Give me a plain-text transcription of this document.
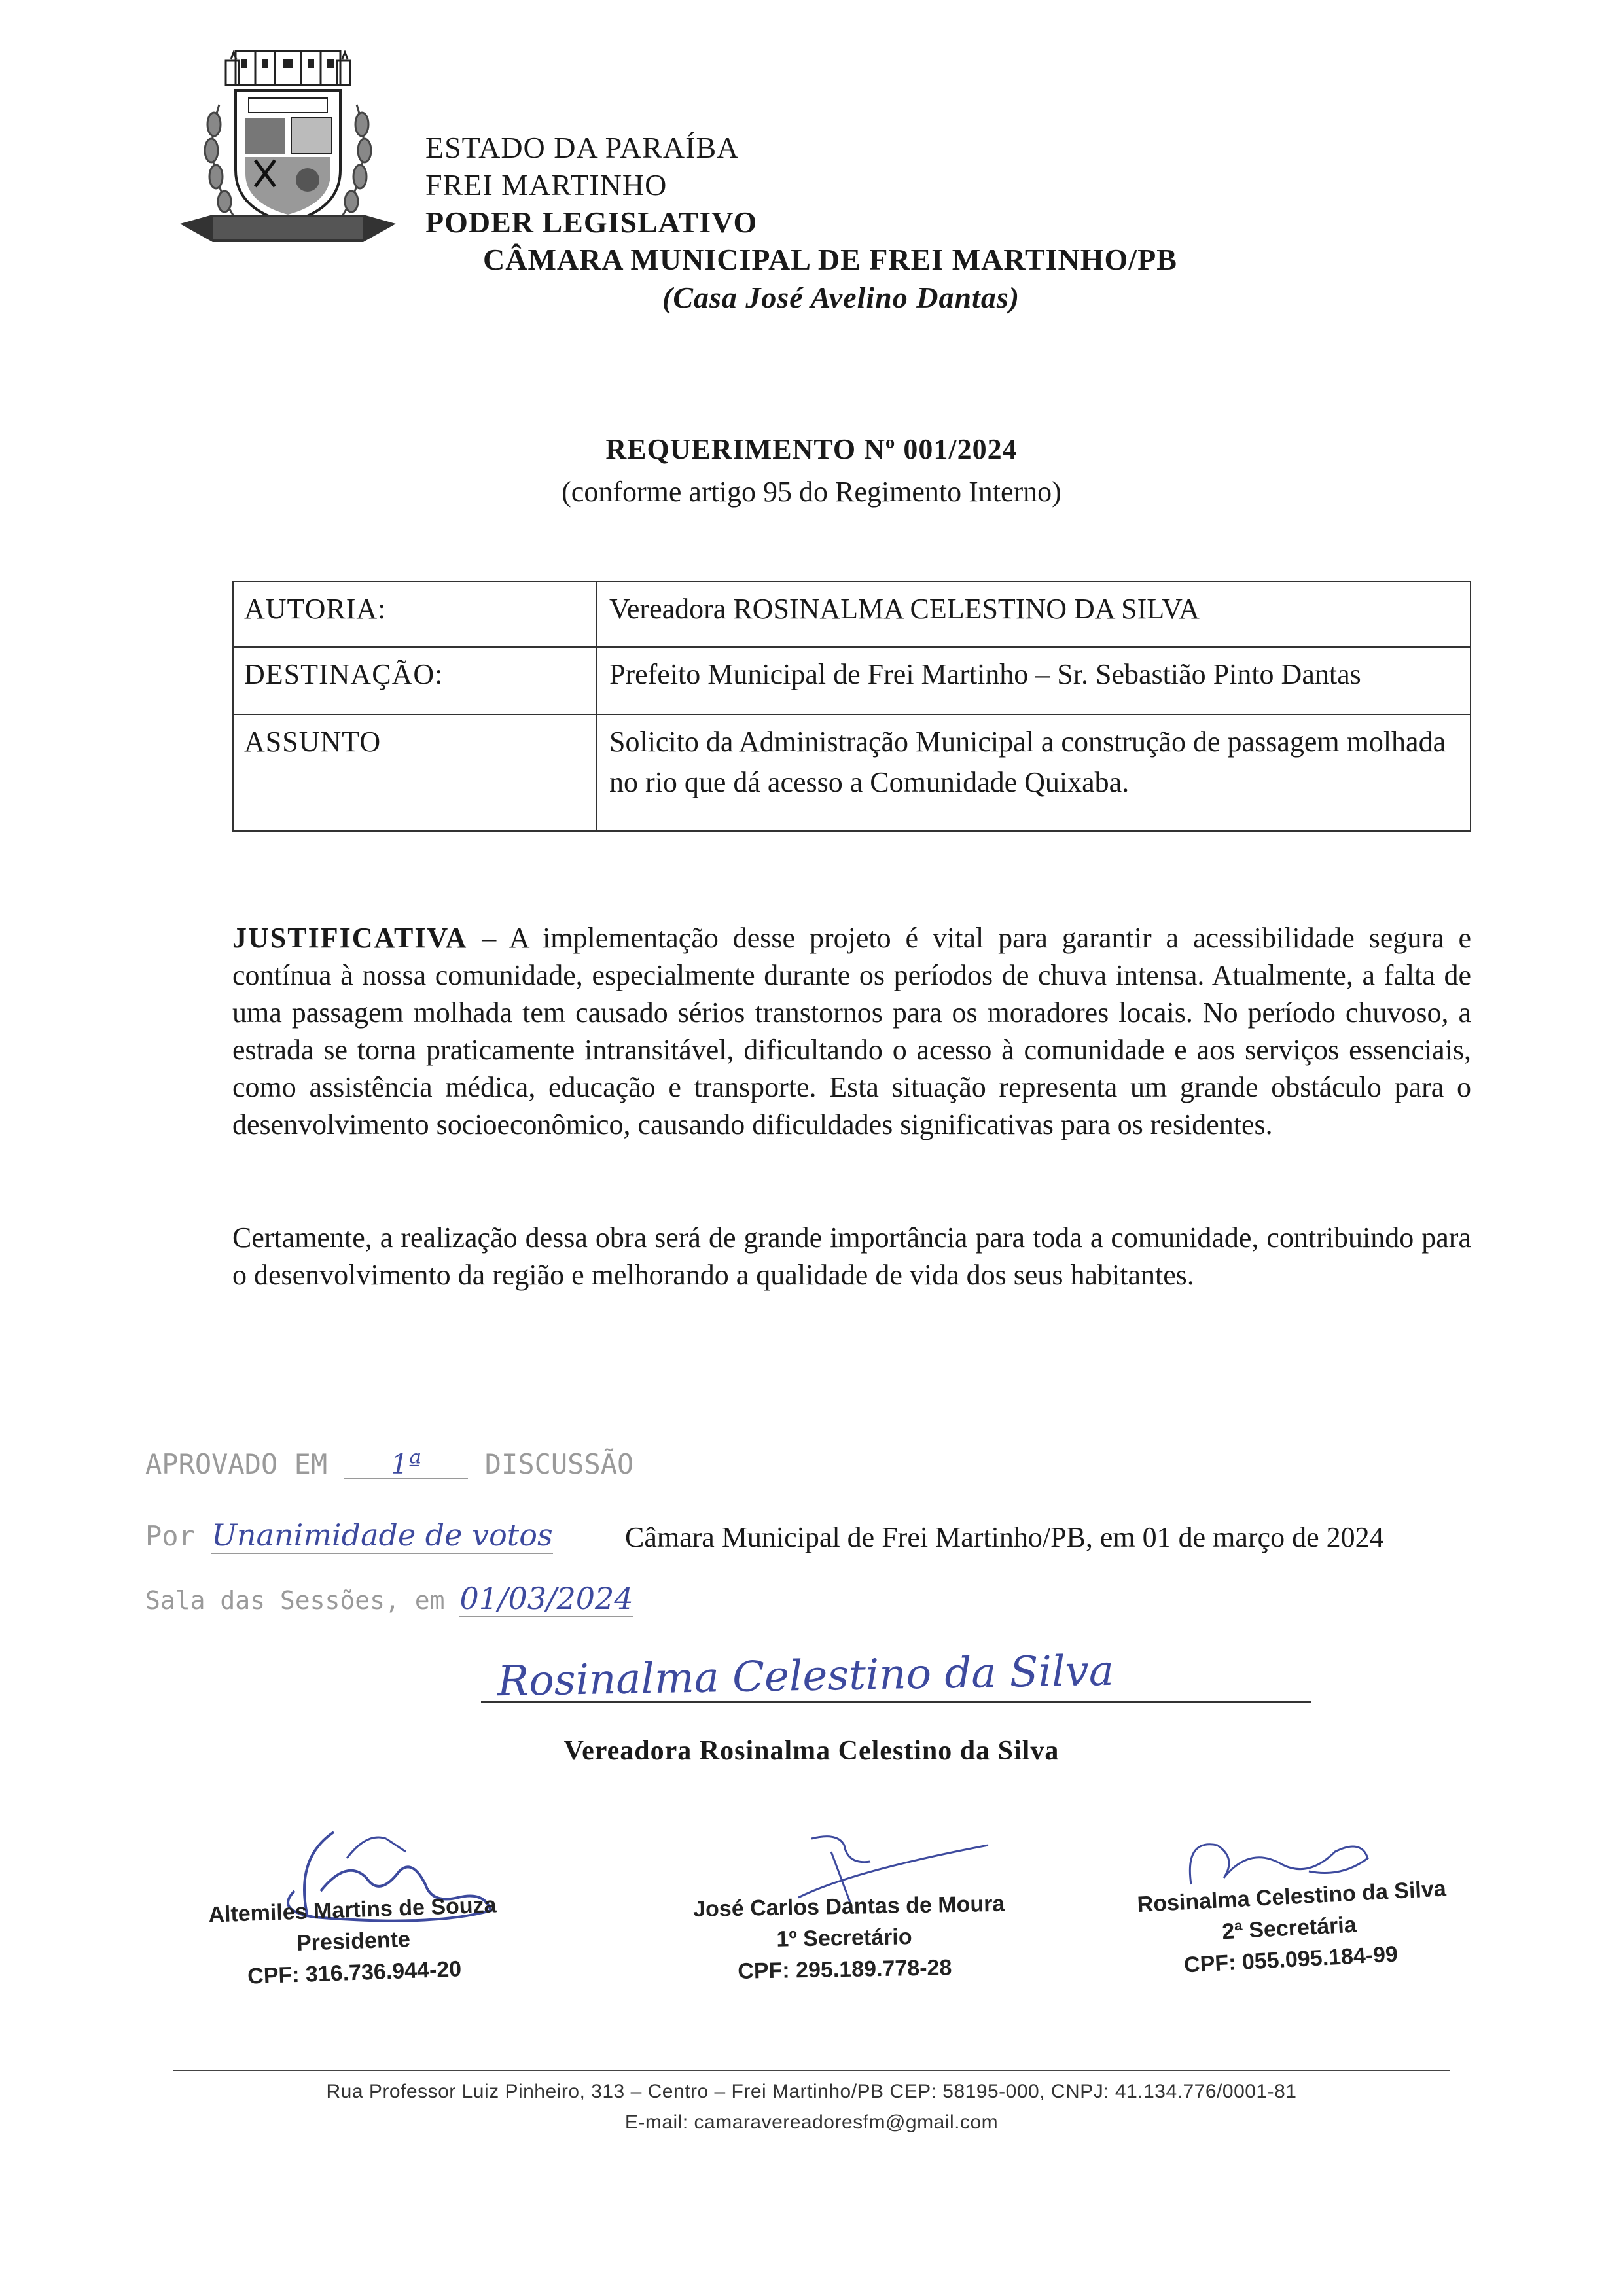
ESTADO DA PARAÍBA
FREI MARTINHO
PODER LEGISLATIVO
CÂMARA MUNICIPAL DE FREI MARTINHO/PB
(Casa José Avelino Dantas)
REQUERIMENTO Nº 001/2024
(conforme artigo 95 do Regimento Interno)
AUTORIA:	Vereadora ROSINALMA CELESTINO DA SILVA
DESTINAÇÃO:	Prefeito Municipal de Frei Martinho – Sr. Sebastião Pinto Dantas
ASSUNTO	Solicito da Administração Municipal a construção de passagem molhada no rio que dá acesso a Comunidade Quixaba.
JUSTIFICATIVA – A implementação desse projeto é vital para garantir a acessibilidade segura e contínua à nossa comunidade, especialmente durante os períodos de chuva intensa. Atualmente, a falta de uma passagem molhada tem causado sérios transtornos para os moradores locais. No período chuvoso, a estrada se torna praticamente intransitável, dificultando o acesso à comunidade e aos serviços essenciais, como assistência médica, educação e transporte. Esta situação representa um grande obstáculo para o desenvolvimento socioeconômico, causando dificuldades significativas para os residentes.
Certamente, a realização dessa obra será de grande importância para toda a comunidade, contribuindo para o desenvolvimento da região e melhorando a qualidade de vida dos seus habitantes.
APROVADO EM 1ª DISCUSSÃO
Por Unanimidade de votos
Sala das Sessões, em 01/03/2024
Câmara Municipal de Frei Martinho/PB, em 01 de março de 2024
Rosinalma Celestino da Silva
Vereadora Rosinalma Celestino da Silva
Altemiles Martins de Souza
Presidente
CPF: 316.736.944-20
José Carlos Dantas de Moura
1º Secretário
CPF: 295.189.778-28
Rosinalma Celestino da Silva
2ª Secretária
CPF: 055.095.184-99
Rua Professor Luiz Pinheiro, 313 – Centro – Frei Martinho/PB CEP: 58195-000, CNPJ: 41.134.776/0001-81
E-mail: camaravereadoresfm@gmail.com
